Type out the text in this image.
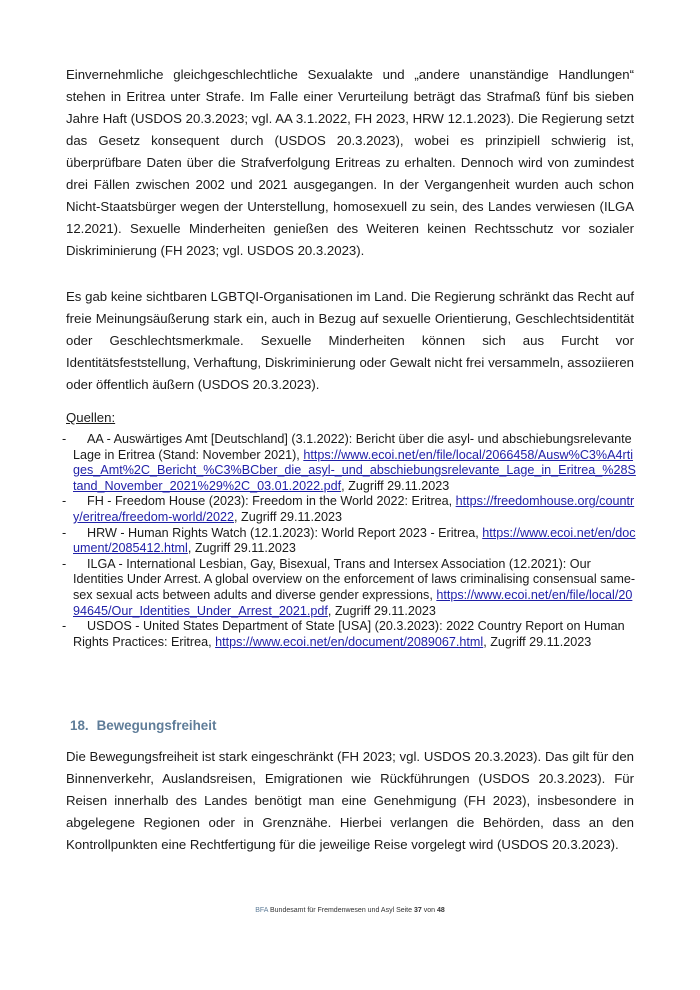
Einvernehmliche gleichgeschlechtliche Sexualakte und „andere unanständige Handlungen“ stehen in Eritrea unter Strafe. Im Falle einer Verurteilung beträgt das Strafmaß fünf bis sieben Jahre Haft (USDOS 20.3.2023; vgl. AA 3.1.2022, FH 2023, HRW 12.1.2023). Die Regierung setzt das Gesetz konsequent durch (USDOS 20.3.2023), wobei es prinzipiell schwierig ist, überprüfbare Daten über die Strafverfolgung Eritreas zu erhalten. Dennoch wird von zumindest drei Fällen zwischen 2002 und 2021 ausgegangen. In der Vergangenheit wurden auch schon Nicht-Staatsbürger wegen der Unterstellung, homosexuell zu sein, des Landes verwiesen (ILGA 12.2021). Sexuelle Minderheiten genießen des Weiteren keinen Rechtsschutz vor sozialer Diskriminierung (FH 2023; vgl. USDOS 20.3.2023).

Es gab keine sichtbaren LGBTQI-Organisationen im Land. Die Regierung schränkt das Recht auf freie Meinungsäußerung stark ein, auch in Bezug auf sexuelle Orientierung, Geschlechtsidentität oder Geschlechtsmerkmale. Sexuelle Minderheiten können sich aus Furcht vor Identitätsfeststellung, Verhaftung, Diskriminierung oder Gewalt nicht frei versammeln, assoziieren oder öffentlich äußern (USDOS 20.3.2023).

Quellen:

- AA - Auswärtiges Amt [Deutschland] (3.1.2022): Bericht über die asyl- und abschiebungsrelevante Lage in Eritrea (Stand: November 2021), https://www.ecoi.net/en/file/local/2066458/Ausw%C3%A4rtiges_Amt%2C_Bericht_%C3%BCber_die_asyl-_und_abschiebungsrelevante_Lage_in_Eritrea_%28Stand_November_2021%29%2C_03.01.2022.pdf, Zugriff 29.11.2023
- FH - Freedom House (2023): Freedom in the World 2022: Eritrea, https://freedomhouse.org/country/eritrea/freedom-world/2022, Zugriff 29.11.2023
- HRW - Human Rights Watch (12.1.2023): World Report 2023 - Eritrea, https://www.ecoi.net/en/document/2085412.html, Zugriff 29.11.2023
- ILGA - International Lesbian, Gay, Bisexual, Trans and Intersex Association (12.2021): Our Identities Under Arrest. A global overview on the enforcement of laws criminalising consensual same-sex sexual acts between adults and diverse gender expressions, https://www.ecoi.net/en/file/local/2094645/Our_Identities_Under_Arrest_2021.pdf, Zugriff 29.11.2023
- USDOS - United States Department of State [USA] (20.3.2023): 2022 Country Report on Human Rights Practices: Eritrea, https://www.ecoi.net/en/document/2089067.html, Zugriff 29.11.2023
18. Bewegungsfreiheit

Die Bewegungsfreiheit ist stark eingeschränkt (FH 2023; vgl. USDOS 20.3.2023). Das gilt für den Binnenverkehr, Auslandsreisen, Emigrationen wie Rückführungen (USDOS 20.3.2023). Für Reisen innerhalb des Landes benötigt man eine Genehmigung (FH 2023), insbesondere in abgelegene Regionen oder in Grenznähe. Hierbei verlangen die Behörden, dass an den Kontrollpunkten eine Rechtfertigung für die jeweilige Reise vorgelegt wird (USDOS 20.3.2023).

BFA Bundesamt für Fremdenwesen und Asyl Seite 37 von 48
